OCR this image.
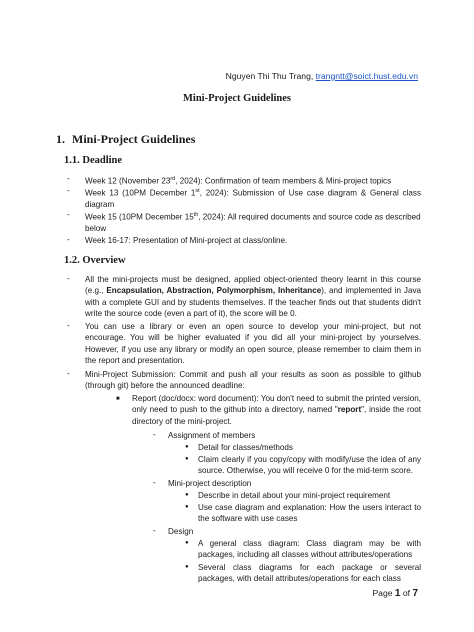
Nguyen Thi Thu Trang, trangntt@soict.hust.edu.vn
Mini-Project Guidelines
1. Mini-Project Guidelines
1.1. Deadline
- Week 12 (November 23rd, 2024): Confirmation of team members & Mini-project topics
- Week 13 (10PM December 1st, 2024): Submission of Use case diagram & General class diagram
- Week 15 (10PM December 15th, 2024): All required documents and source code as described below
- Week 16-17: Presentation of Mini-project at class/online.
1.2. Overview
- All the mini-projects must be designed, applied object-oriented theory learnt in this course (e.g., Encapsulation, Abstraction, Polymorphism, Inheritance), and implemented in Java with a complete GUI and by students themselves. If the teacher finds out that students didn't write the source code (even a part of it), the score will be 0.
- You can use a library or even an open source to develop your mini-project, but not encourage. You will be higher evaluated if you did all your mini-project by yourselves. However, if you use any library or modify an open source, please remember to claim them in the report and presentation.
- Mini-Project Submission: Commit and push all your results as soon as possible to github (through git) before the announced deadline:
■ Report (doc/docx: word document): You don't need to submit the printed version, only need to push to the github into a directory, named "report", inside the root directory of the mini-project.
- Assignment of members
● Detail for classes/methods
● Claim clearly if you copy/copy with modify/use the idea of any source. Otherwise, you will receive 0 for the mid-term score.
- Mini-project description
● Describe in detail about your mini-project requirement
● Use case diagram and explanation: How the users interact to the software with use cases
- Design
● A general class diagram: Class diagram may be with packages, including all classes without attributes/operations
● Several class diagrams for each package or several packages, with detail attributes/operations for each class
Page 1 of 7
